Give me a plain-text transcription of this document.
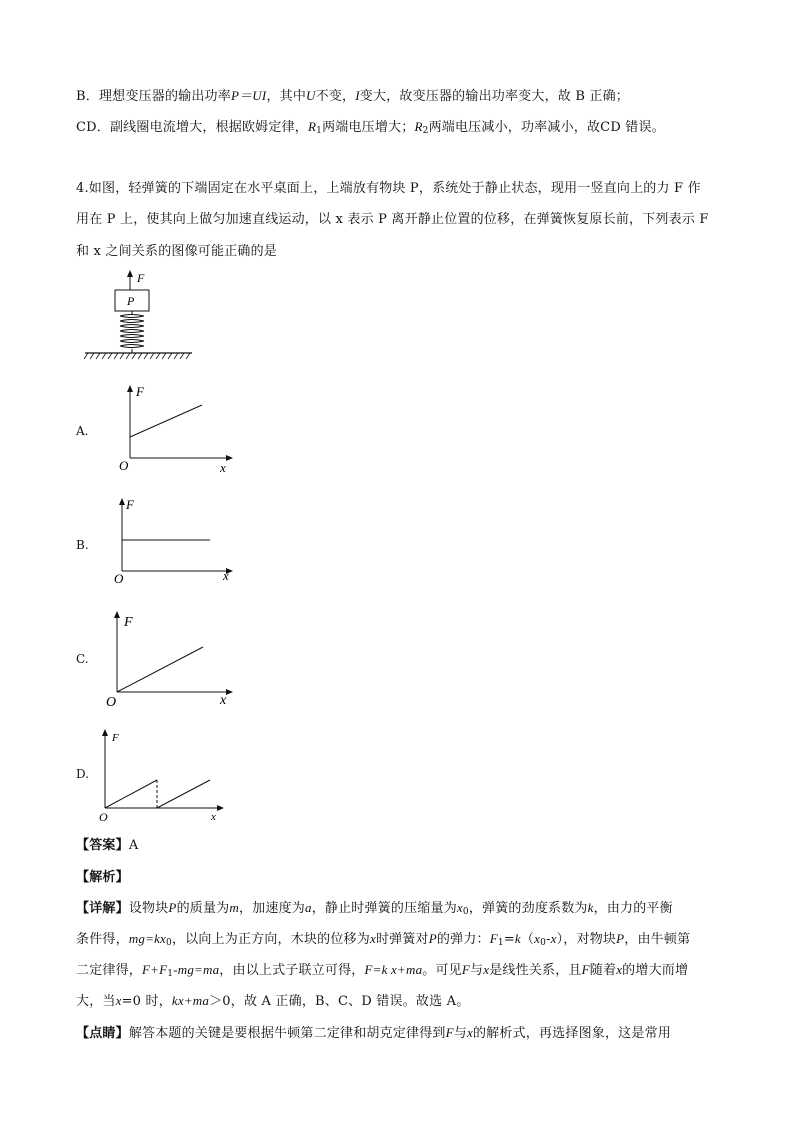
B．理想变压器的输出功率P＝UI，其中U不变，I变大，故变压器的输出功率变大，故 B 正确；
CD．副线圈电流增大，根据欧姆定律，$R_1$两端电压增大；$R_2$两端电压减小，功率减小，故CD 错误。
4.如图，轻弹簧的下端固定在水平桌面上，上端放有物块 P，系统处于静止状态，现用一竖直向上的力 F 作
用在 P 上，使其向上做匀加速直线运动，以 x 表示 P 离开静止位置的位移，在弹簧恢复原长前，下列表示 F
和 x 之间关系的图像可能正确的是
F
P
A.
F
x
O
B.
F
x
O
C.
F
x
O
D.
F
x
O
【答案】A
【解析】
【详解】设物块P的质量为m，加速度为a，静止时弹簧的压缩量为$x_0$，弹簧的劲度系数为k，由力的平衡
条件得，$mg=kx_0$，以向上为正方向，木块的位移为x时弹簧对P的弹力：$F_1=k(x_0-x)$，对物块P，由牛顿第
二定律得，$F+F_1-mg=ma$，由以上式子联立可得，F=k x+ma。可见F与x是线性关系，且F随着x的增大而增
大，当x=0 时，kx+ma＞0，故 A 正确，B、C、D 错误。故选 A。
【点睛】解答本题的关键是要根据牛顿第二定律和胡克定律得到F与x的解析式，再选择图象，这是常用
